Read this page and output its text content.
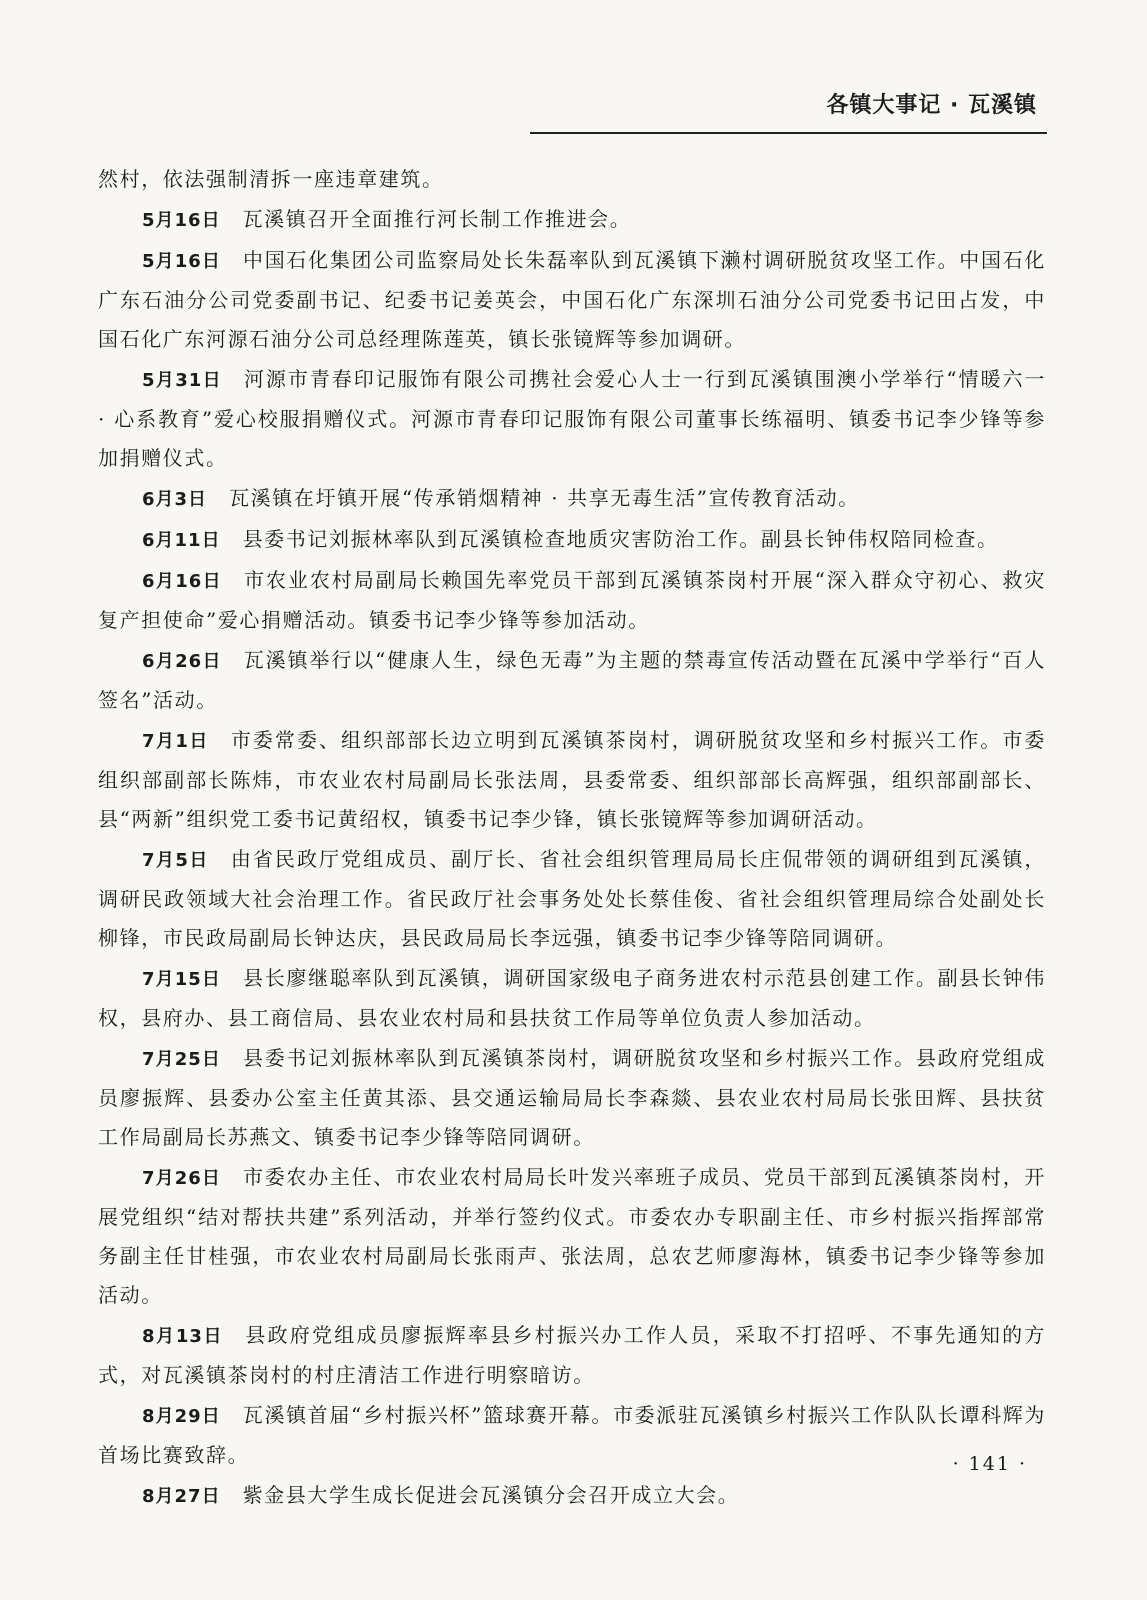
各镇大事记 · 瓦溪镇

然村，依法强制清拆一座违章建筑。

5月16日 瓦溪镇召开全面推行河长制工作推进会。

5月16日 中国石化集团公司监察局处长朱磊率队到瓦溪镇下濑村调研脱贫攻坚工作。中国石化广东石油分公司党委副书记、纪委书记姜英会，中国石化广东深圳石油分公司党委书记田占发，中国石化广东河源石油分公司总经理陈莲英，镇长张镜辉等参加调研。

5月31日 河源市青春印记服饰有限公司携社会爱心人士一行到瓦溪镇围澳小学举行“情暖六一 · 心系教育”爱心校服捐赠仪式。河源市青春印记服饰有限公司董事长练福明、镇委书记李少锋等参加捐赠仪式。

6月3日 瓦溪镇在圩镇开展“传承销烟精神 · 共享无毒生活”宣传教育活动。

6月11日 县委书记刘振林率队到瓦溪镇检查地质灾害防治工作。副县长钟伟权陪同检查。

6月16日 市农业农村局副局长赖国先率党员干部到瓦溪镇茶岗村开展“深入群众守初心、救灾复产担使命”爱心捐赠活动。镇委书记李少锋等参加活动。

6月26日 瓦溪镇举行以“健康人生，绿色无毒”为主题的禁毒宣传活动暨在瓦溪中学举行“百人签名”活动。

7月1日 市委常委、组织部部长边立明到瓦溪镇茶岗村，调研脱贫攻坚和乡村振兴工作。市委组织部副部长陈炜，市农业农村局副局长张法周，县委常委、组织部部长高辉强，组织部副部长、县“两新”组织党工委书记黄绍权，镇委书记李少锋，镇长张镜辉等参加调研活动。

7月5日 由省民政厅党组成员、副厅长、省社会组织管理局局长庄侃带领的调研组到瓦溪镇，调研民政领域大社会治理工作。省民政厅社会事务处处长蔡佳俊、省社会组织管理局综合处副处长柳锋，市民政局副局长钟达庆，县民政局局长李远强，镇委书记李少锋等陪同调研。

7月15日 县长廖继聪率队到瓦溪镇，调研国家级电子商务进农村示范县创建工作。副县长钟伟权，县府办、县工商信局、县农业农村局和县扶贫工作局等单位负责人参加活动。

7月25日 县委书记刘振林率队到瓦溪镇茶岗村，调研脱贫攻坚和乡村振兴工作。县政府党组成员廖振辉、县委办公室主任黄其添、县交通运输局局长李森燚、县农业农村局局长张田辉、县扶贫工作局副局长苏燕文、镇委书记李少锋等陪同调研。

7月26日 市委农办主任、市农业农村局局长叶发兴率班子成员、党员干部到瓦溪镇茶岗村，开展党组织“结对帮扶共建”系列活动，并举行签约仪式。市委农办专职副主任、市乡村振兴指挥部常务副主任甘桂强，市农业农村局副局长张雨声、张法周，总农艺师廖海林，镇委书记李少锋等参加活动。

8月13日 县政府党组成员廖振辉率县乡村振兴办工作人员，采取不打招呼、不事先通知的方式，对瓦溪镇茶岗村的村庄清洁工作进行明察暗访。

8月29日 瓦溪镇首届“乡村振兴杯”篮球赛开幕。市委派驻瓦溪镇乡村振兴工作队队长谭科辉为首场比赛致辞。

8月27日 紫金县大学生成长促进会瓦溪镇分会召开成立大会。

· 141 ·
